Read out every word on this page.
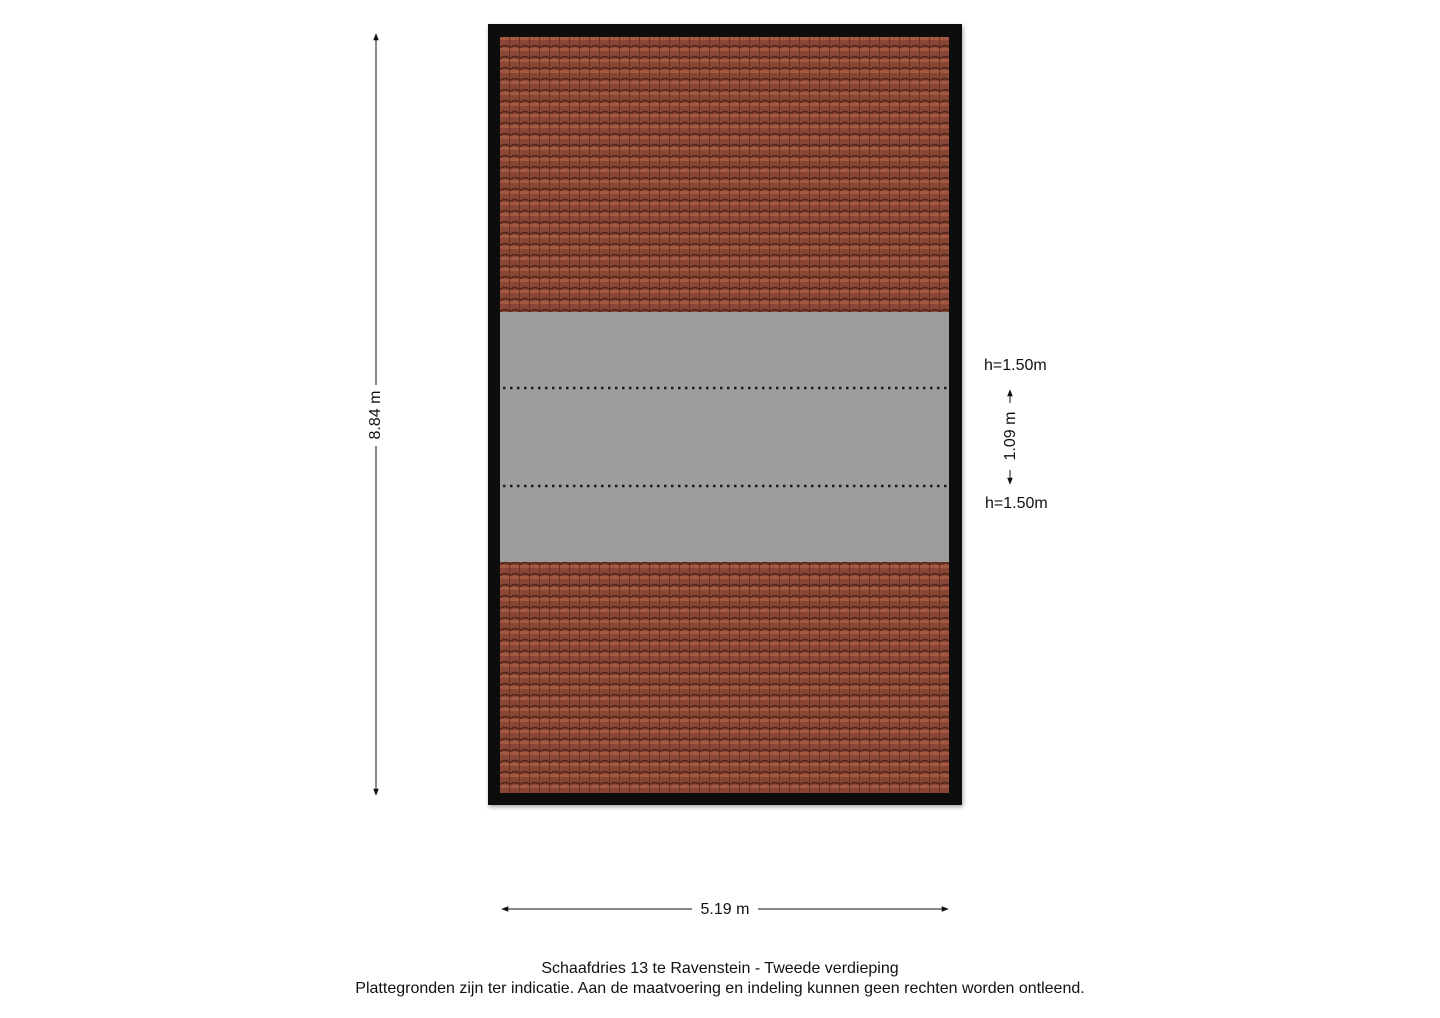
8.84 m
5.19 m
1.09 m
h=1.50m
h=1.50m
Schaafdries 13 te Ravenstein - Tweede verdieping
Plattegronden zijn ter indicatie. Aan de maatvoering en indeling kunnen geen rechten worden ontleend.
